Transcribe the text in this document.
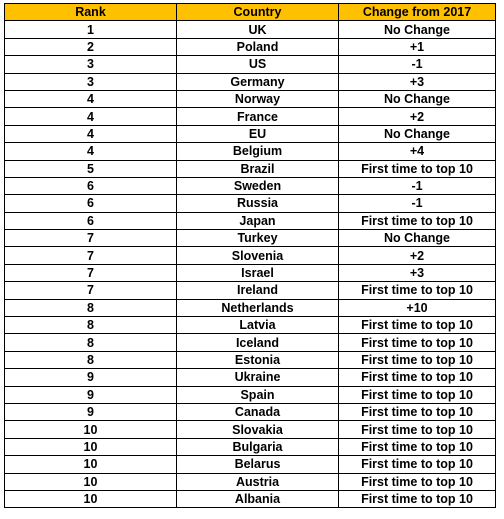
Rank	Country	Change from 2017
1	UK	No Change
2	Poland	+1
3	US	-1
3	Germany	+3
4	Norway	No Change
4	France	+2
4	EU	No Change
4	Belgium	+4
5	Brazil	First time to top 10
6	Sweden	-1
6	Russia	-1
6	Japan	First time to top 10
7	Turkey	No Change
7	Slovenia	+2
7	Israel	+3
7	Ireland	First time to top 10
8	Netherlands	+10
8	Latvia	First time to top 10
8	Iceland	First time to top 10
8	Estonia	First time to top 10
9	Ukraine	First time to top 10
9	Spain	First time to top 10
9	Canada	First time to top 10
10	Slovakia	First time to top 10
10	Bulgaria	First time to top 10
10	Belarus	First time to top 10
10	Austria	First time to top 10
10	Albania	First time to top 10
